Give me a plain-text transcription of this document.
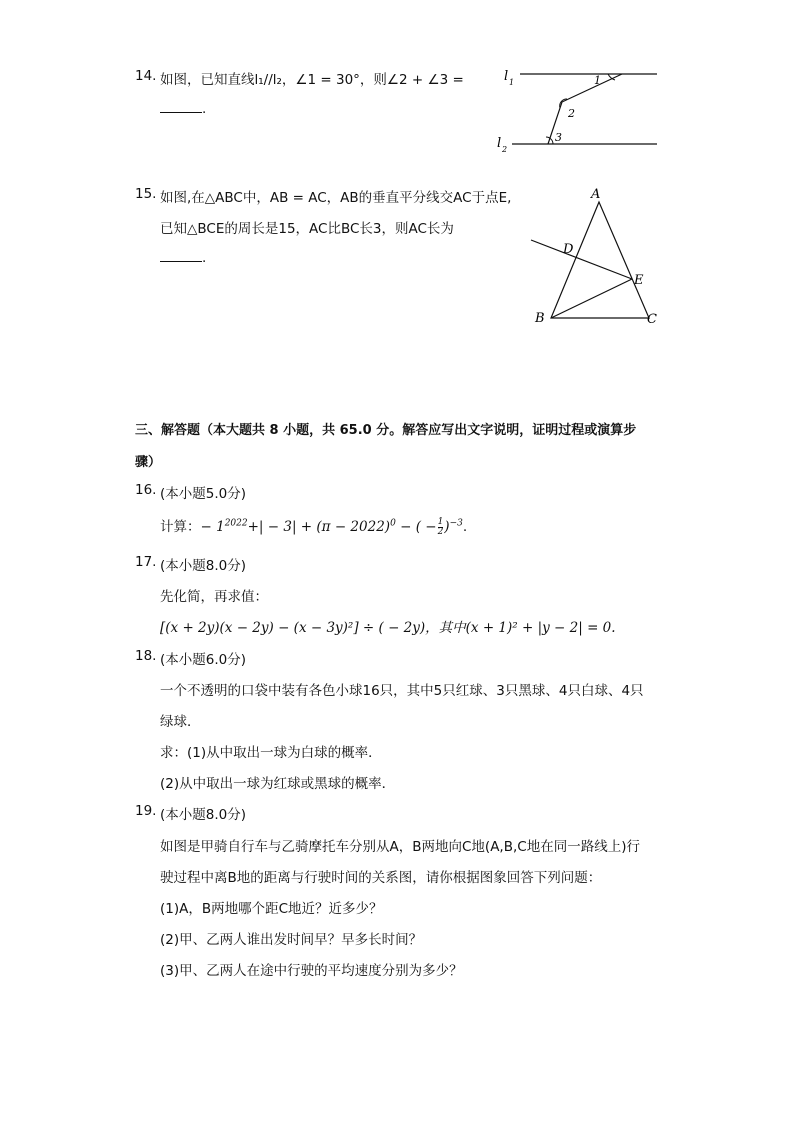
14. 如图，已知直线l₁//l₂，∠1 = 30°，则∠2 + ∠3 =
.
l 1
l 2
1
2
3
15. 如图,在△ABC中，AB = AC，AB的垂直平分线交AC于点E,
已知△BCE的周长是15，AC比BC长3，则AC长为
.
A
B	C
D
E
三、解答题（本大题共 8 小题，共 65.0 分。解答应写出文字说明，证明过程或演算步
骤）
16. (本小题5.0分)
计算：− $1^{2022}+| - 3| + (\pi - 2022)^0$ − ( − $\frac{1}{2} )^{-3}$.
17. (本小题8.0分)
先化简，再求值：
[(x + 2y)(x − 2y) − (x − 3y)²] ÷ ( − 2y)，其中(x + 1)² + |y − 2| = 0.
18. (本小题6.0分)
一个不透明的口袋中装有各色小球16只，其中5只红球、3只黑球、4只白球、4只
绿球．
求：(1)从中取出一球为白球的概率．
(2)从中取出一球为红球或黑球的概率．
19. (本小题8.0分)
如图是甲骑自行车与乙骑摩托车分别从A，B两地向C地(A,B,C地在同一路线上)行
驶过程中离B地的距离与行驶时间的关系图，请你根据图象回答下列问题：
(1)A，B两地哪个距C地近？近多少？
(2)甲、乙两人谁出发时间早？早多长时间？
(3)甲、乙两人在途中行驶的平均速度分别为多少？
